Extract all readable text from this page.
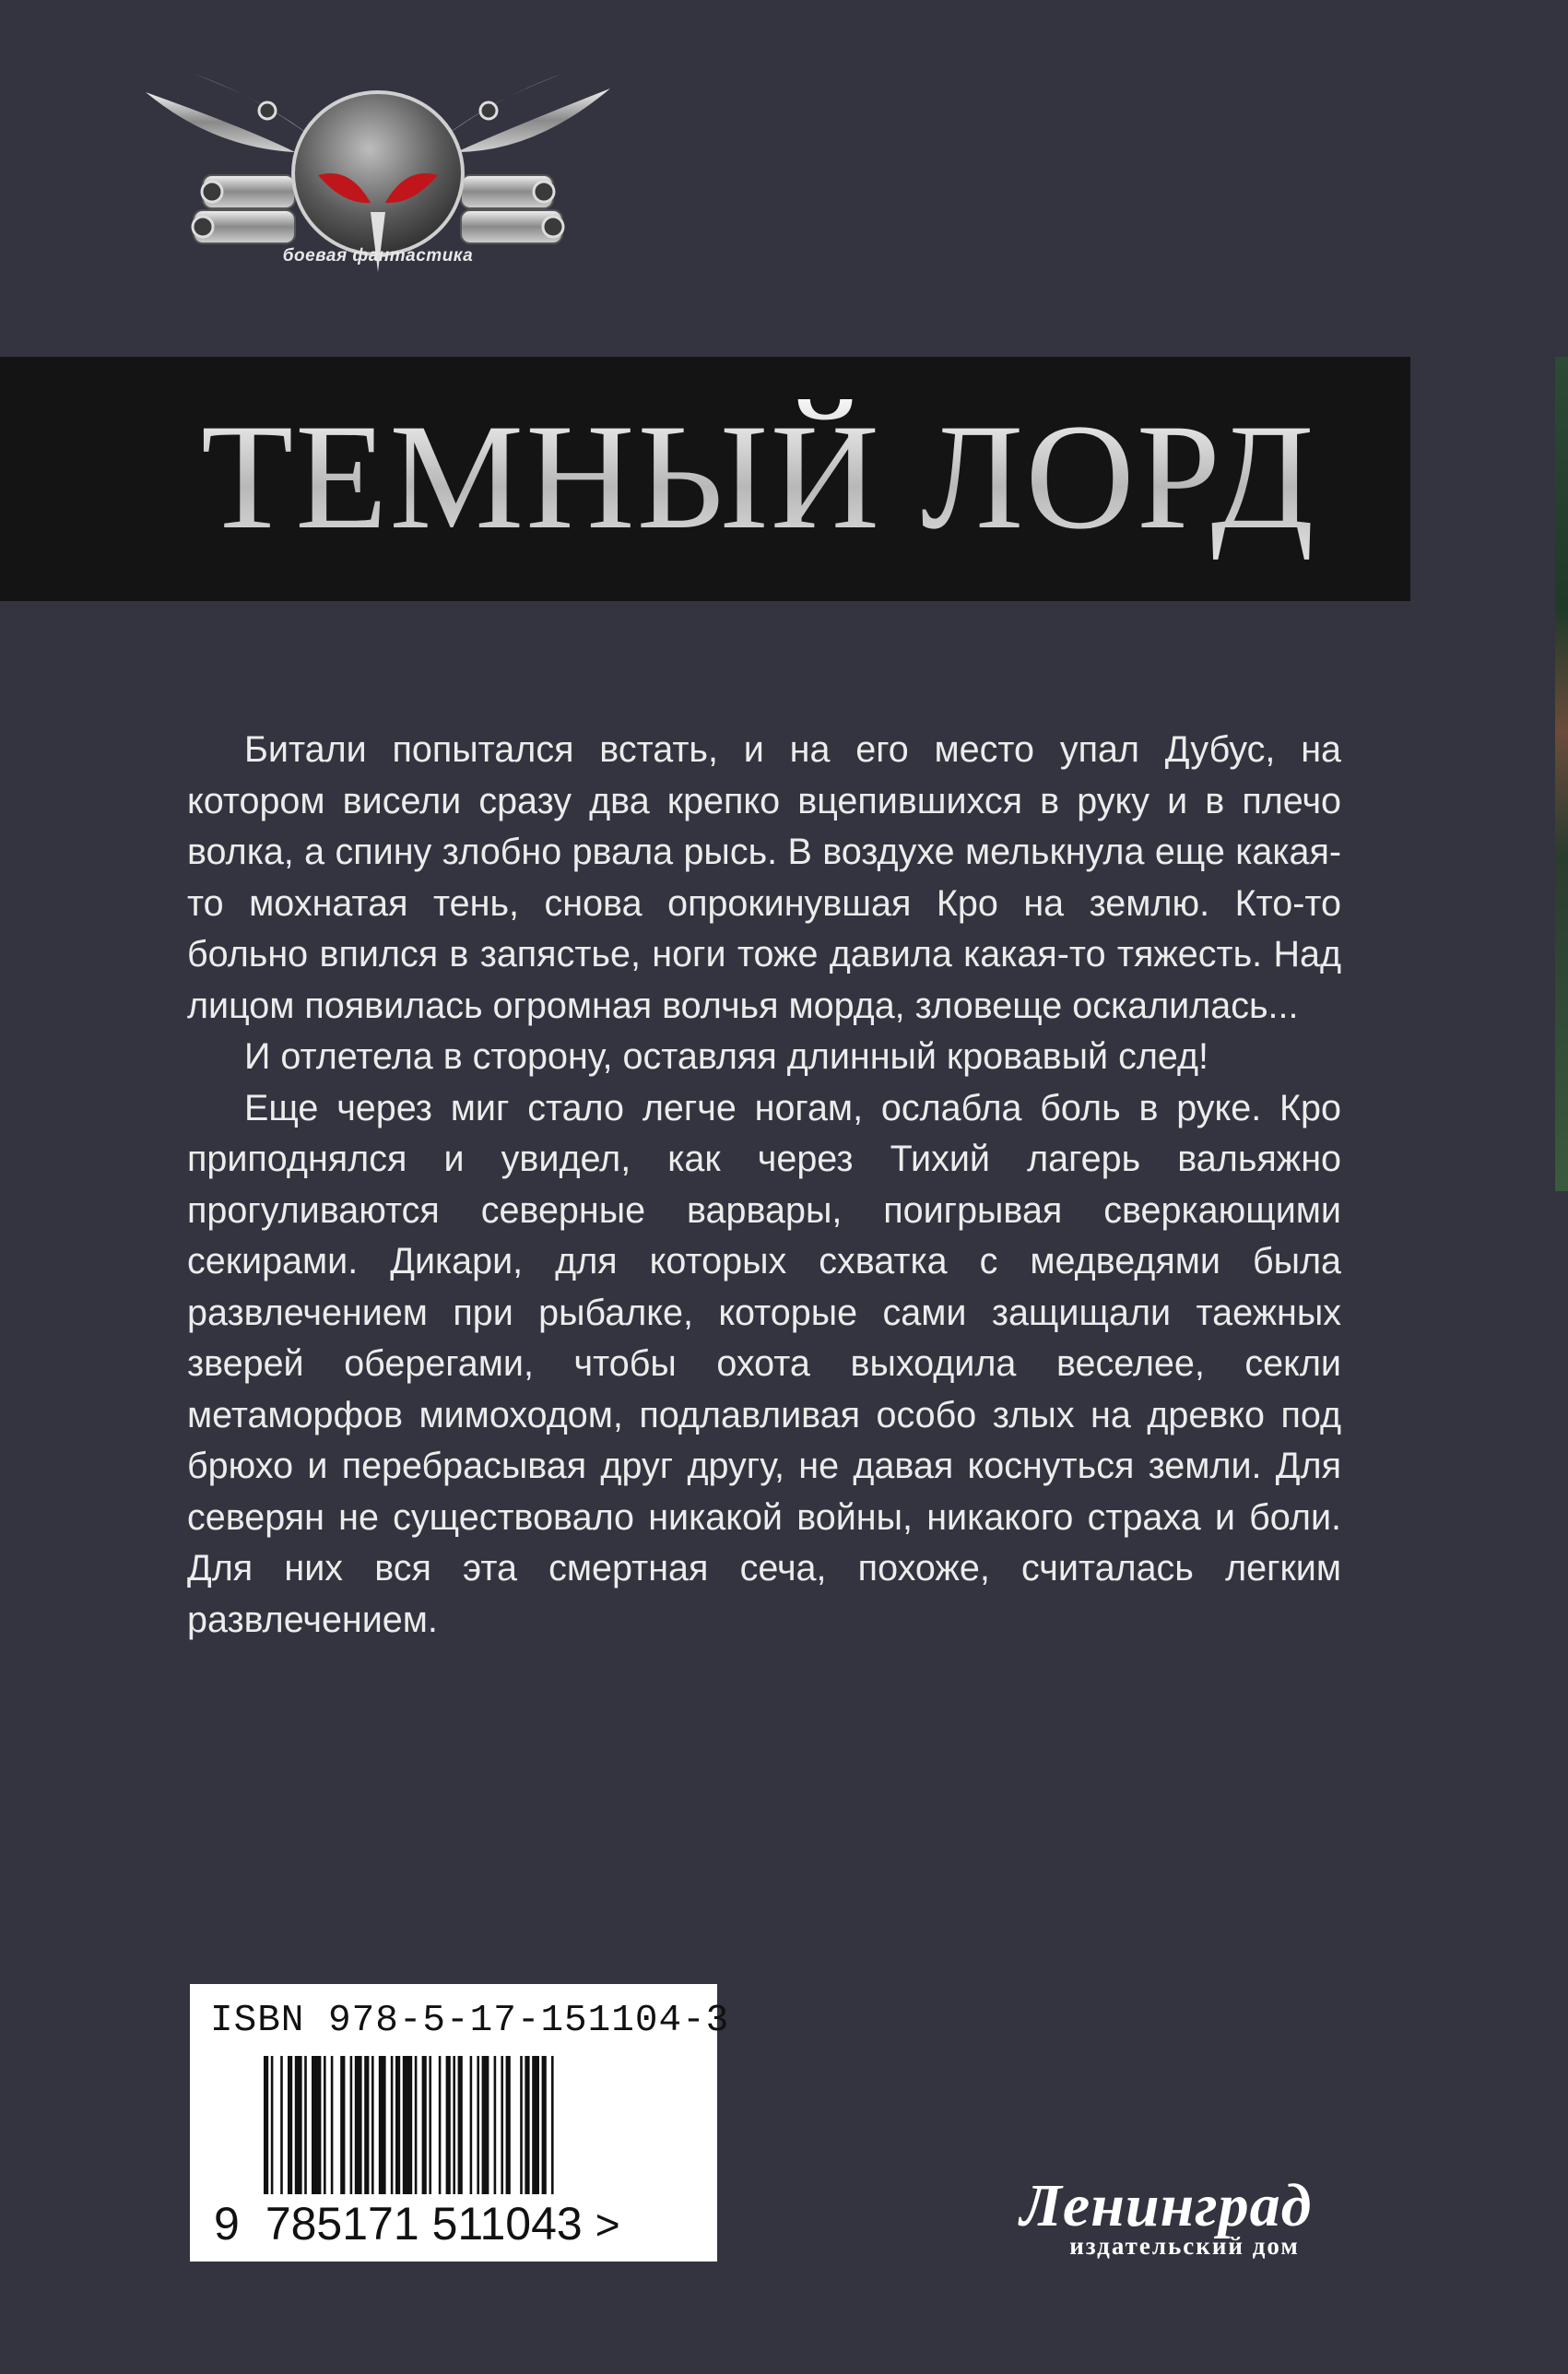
боевая фантастика
ТЕМНЫЙ ЛОРД

Битали попытался встать, и на его место упал Дубус, на котором висели сразу два крепко вцепившихся в руку и в плечо волка, а спину злобно рвала рысь. В воздухе мелькнула еще какая-то мохнатая тень, снова опрокинувшая Кро на землю. Кто-то больно впился в запястье, ноги тоже давила какая-то тяжесть. Над лицом появилась огромная волчья морда, зловеще оскалилась...

И отлетела в сторону, оставляя длинный кровавый след!

Еще через миг стало легче ногам, ослабла боль в руке. Кро приподнялся и увидел, как через Тихий лагерь вальяжно прогуливаются северные варвары, поигрывая сверкающими секирами. Дикари, для которых схватка с медведями была развлечением при рыбалке, которые сами защищали таежных зверей оберегами, чтобы охота выходила веселее, секли метаморфов мимоходом, подлавливая особо злых на древко под брюхо и перебрасывая друг другу, не давая коснуться земли. Для северян не существовало никакой войны, никакого страха и боли. Для них вся эта смертная сеча, похоже, считалась легким развлечением.

ISBN 978-5-17-151104-3
9 785171 511043 >	Ленинград
издательский дом
